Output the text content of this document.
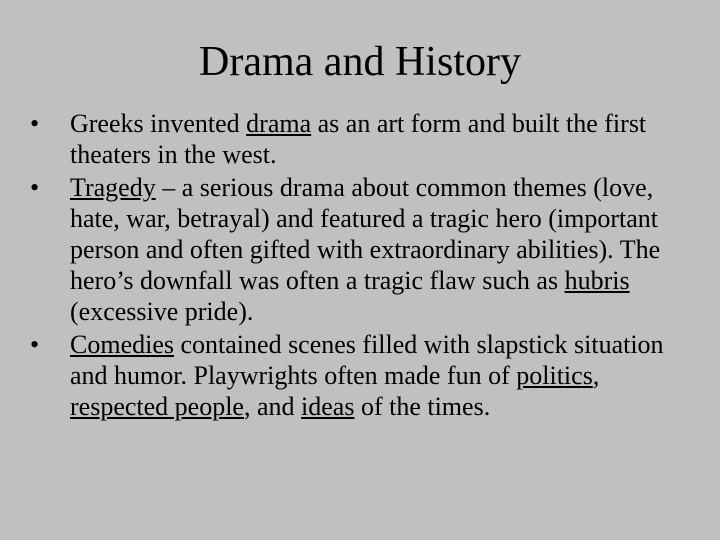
Drama and History
•	Greeks invented drama as an art form and built the first theaters in the west.
•	Tragedy – a serious drama about common themes (love, hate, war, betrayal) and featured a tragic hero (important person and often gifted with extraordinary abilities). The hero’s downfall was often a tragic flaw such as hubris (excessive pride).
•	Comedies contained scenes filled with slapstick situation and humor. Playwrights often made fun of politics, respected people, and ideas of the times.
